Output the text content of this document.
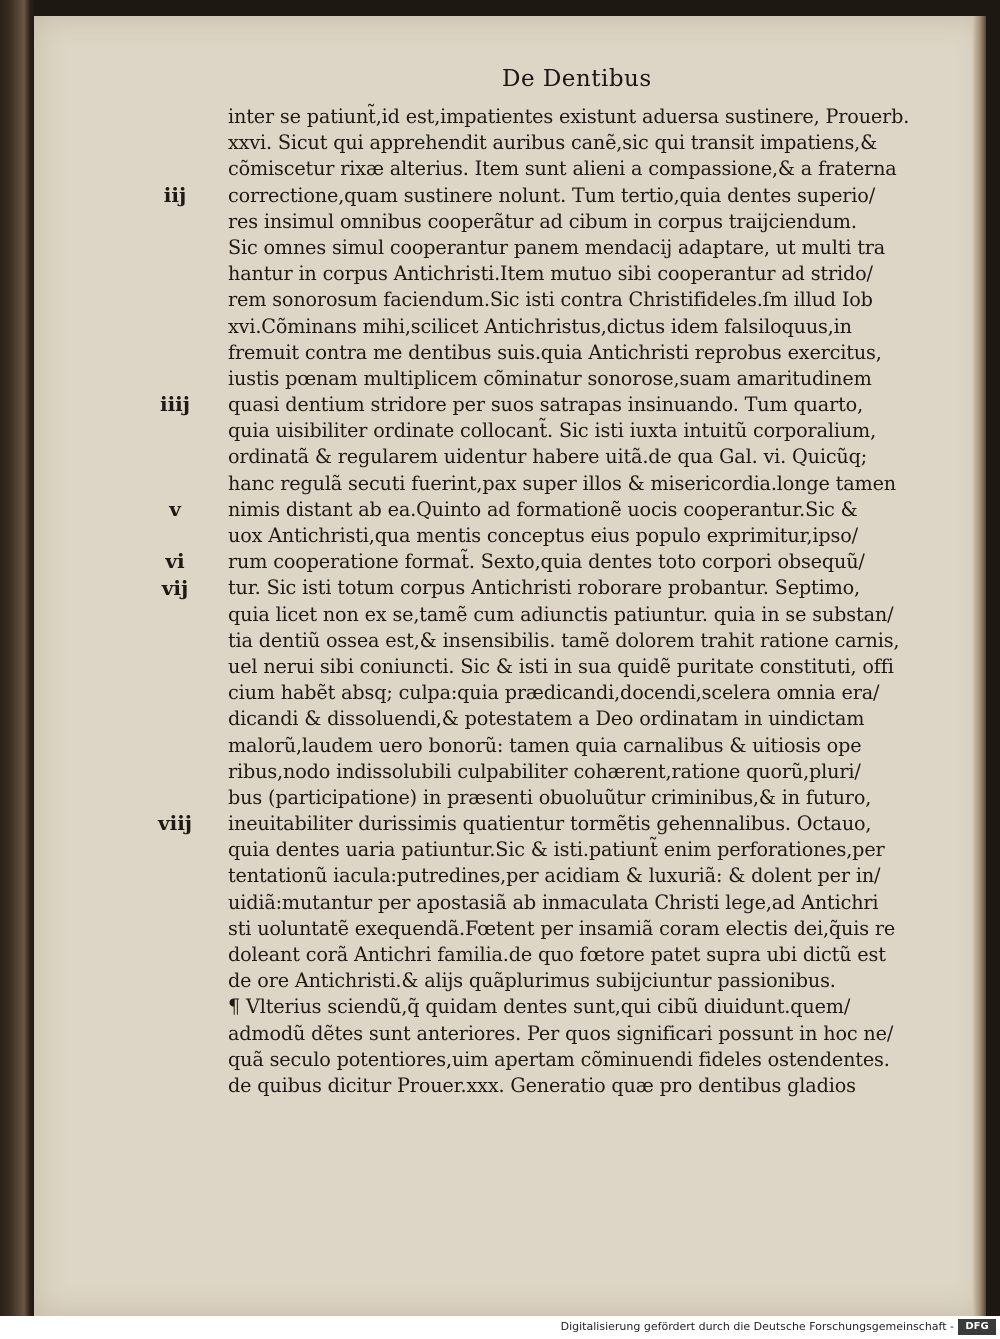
De Dentibus
iij
iiij
v
vi
vij
viij
inter se patiunt̃,id est,impatientes existunt aduersa sustinere, Prouerb.
xxvi. Sicut qui apprehendit auribus canẽ,sic qui transit impatiens,&
cõmiscetur rixæ alterius. Item sunt alieni a compassione,& a fraterna
correctione,quam sustinere nolunt. Tum tertio,quia dentes superio/
res insimul omnibus cooperãtur ad cibum in corpus traijciendum.
Sic omnes simul cooperantur panem mendacij adaptare, ut multi tra
hantur in corpus Antichristi.Item mutuo sibi cooperantur ad strido/
rem sonorosum faciendum.Sic isti contra Christifideles.ſm illud Iob
xvi.Cõminans mihi,scilicet Antichristus,dictus idem falsiloquus,in
fremuit contra me dentibus suis.quia Antichristi reprobus exercitus,
iustis pœnam multiplicem cõminatur sonorose,suam amaritudinem
quasi dentium stridore per suos satrapas insinuando. Tum quarto,
quia uisibiliter ordinate collocant̃. Sic isti iuxta intuitũ corporalium,
ordinatã & regularem uidentur habere uitã.de qua Gal. vi. Quicũq;
hanc regulã secuti fuerint,pax super illos & misericordia.longe tamen
nimis distant ab ea.Quinto ad formationẽ uocis cooperantur.Sic &
uox Antichristi,qua mentis conceptus eius populo exprimitur,ipso/
rum cooperatione format̃. Sexto,quia dentes toto corpori obsequũ/
tur. Sic isti totum corpus Antichristi roborare probantur. Septimo,
quia licet non ex se,tamẽ cum adiunctis patiuntur. quia in se substan/
tia dentiũ ossea est,& insensibilis. tamẽ dolorem trahit ratione carnis,
uel nerui sibi coniuncti. Sic & isti in sua quidẽ puritate constituti, offi
cium habẽt absq; culpa:quia prædicandi,docendi,scelera omnia era/
dicandi & dissoluendi,& potestatem a Deo ordinatam in uindictam
malorũ,laudem uero bonorũ: tamen quia carnalibus & uitiosis ope
ribus,nodo indissolubili culpabiliter cohærent,ratione quorũ,pluri/
bus (participatione) in præsenti obuoluũtur criminibus,& in futuro,
ineuitabiliter durissimis quatientur tormẽtis gehennalibus. Octauo,
quia dentes uaria patiuntur.Sic & isti.patiunt̃ enim perforationes,per
tentationũ iacula:putredines,per acidiam & luxuriã: & dolent per in/
uidiã:mutantur per apostasiã ab inmaculata Christi lege,ad Antichri
sti uoluntatẽ exequendã.Fœtent per insamiã coram electis dei,q̃uis re
doleant corã Antichri familia.de quo fœtore patet supra ubi dictũ est
de ore Antichristi.& alijs quãplurimus subijciuntur passionibus.
¶ Vlterius sciendũ,q̃ quidam dentes sunt,qui cibũ diuidunt.quem/
admodũ dẽtes sunt anteriores. Per quos significari possunt in hoc ne/
quã seculo potentiores,uim apertam cõminuendi fideles ostendentes.
de quibus dicitur Prouer.xxx. Generatio quæ pro dentibus gladios
Digitalisierung gefördert durch die Deutsche Forschungsgemeinschaft -	DFG
